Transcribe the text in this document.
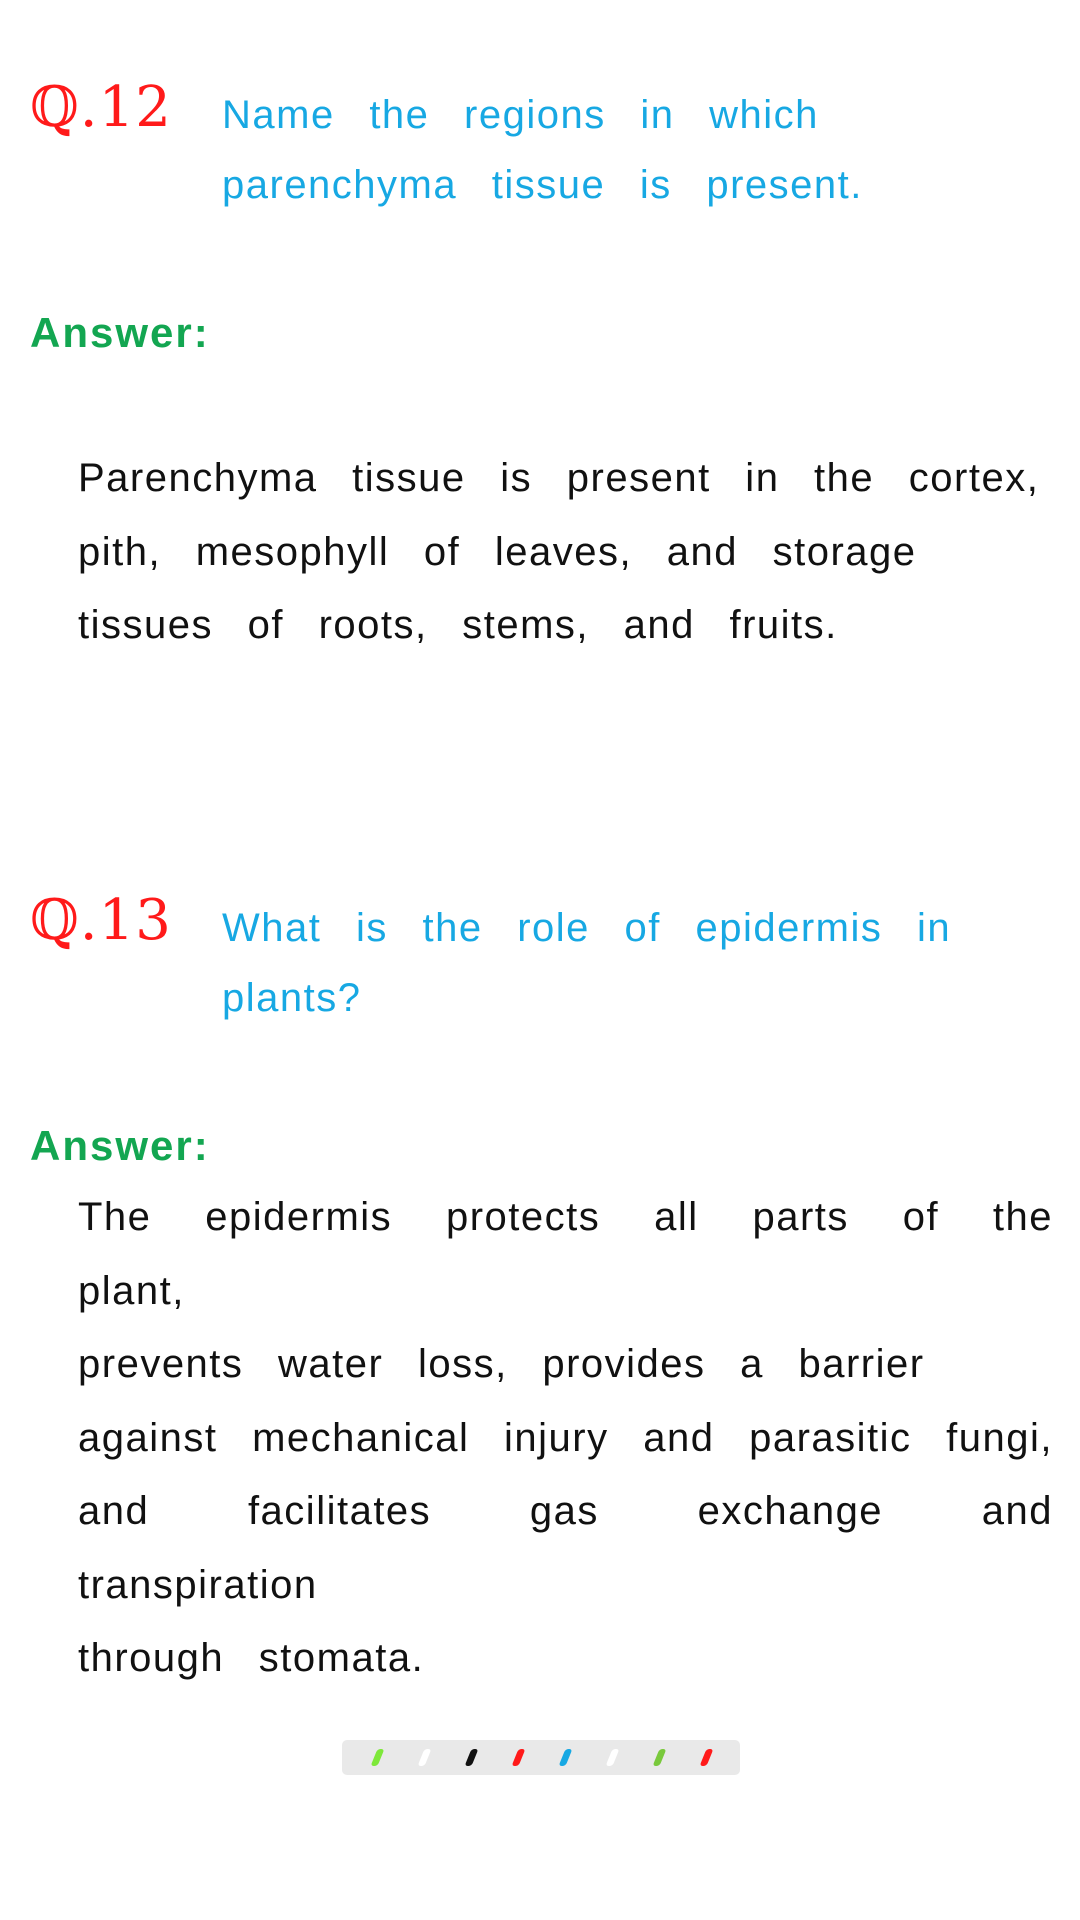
ℚ.12 Name the regions in which
parenchyma tissue is present.
Answer:
Parenchyma tissue is present in the cortex,
pith, mesophyll of leaves, and storage
tissues of roots, stems, and fruits.
ℚ.13 What is the role of epidermis in
plants?
Answer:
The epidermis protects all parts of the plant,
prevents water loss, provides a barrier
against mechanical injury and parasitic fungi,
and facilitates gas exchange and transpiration
through stomata.
